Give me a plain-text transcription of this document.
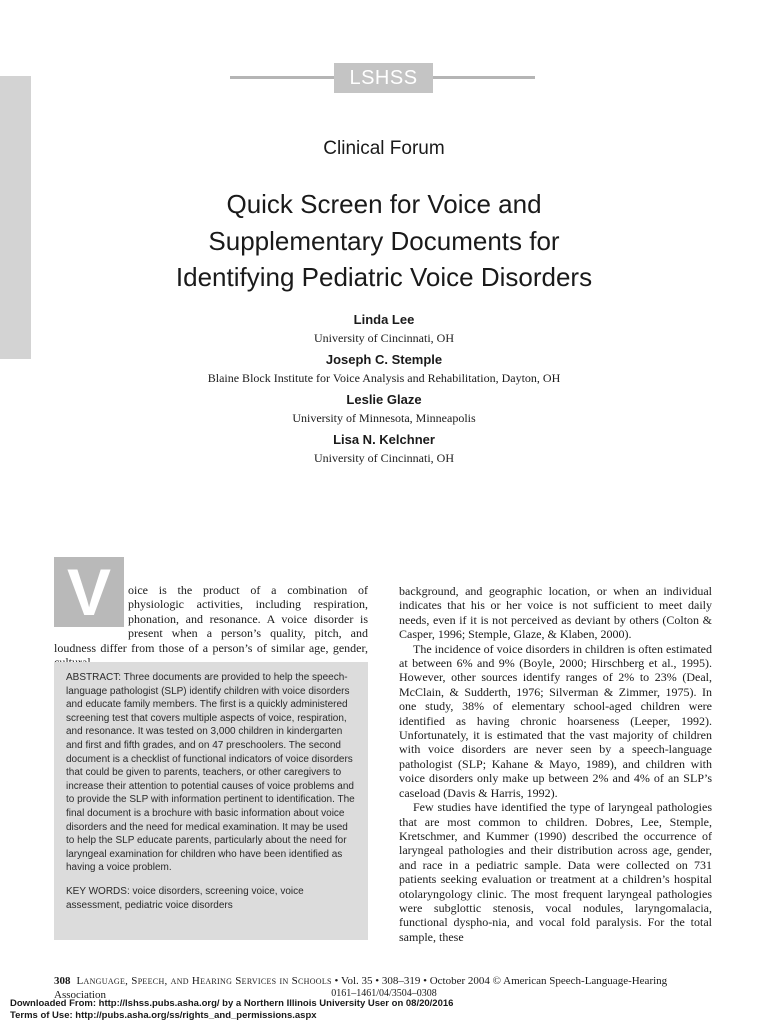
LSHSS
Clinical Forum
Quick Screen for Voice and
Supplementary Documents for
Identifying Pediatric Voice Disorders

Linda Lee

University of Cincinnati, OH

Joseph C. Stemple

Blaine Block Institute for Voice Analysis and Rehabilitation, Dayton, OH

Leslie Glaze

University of Minnesota, Minneapolis

Lisa N. Kelchner

University of Cincinnati, OH

V	oice is the product of a combination of physiologic activities, including respiration, phonation, and resonance. A voice disorder is present when a person’s quality, pitch, and loudness differ from those of a person’s of similar age, gender,

ABSTRACT: Three documents are provided to help the speech-language pathologist (SLP) identify children with voice disorders and educate family members. The first is a quickly administered screening test that covers multiple aspects of voice, respiration, and resonance. It was tested on 3,000 children in kindergarten and first and fifth grades, and on 47 preschoolers. The second document is a checklist of functional indicators of voice disorders that could be given to parents, teachers, or other caregivers to increase their attention to potential causes of voice problems and to provide the SLP with information pertinent to identification. The final document is a brochure with basic information about voice disorders and the need for medical examination. It may be used to help the SLP educate parents, particularly about the need for laryngeal examination for children who have been identified as having a voice problem.

KEY WORDS: voice disorders, screening voice, voice assessment, pediatric voice disorders

background, and geographic location, or when an individual indicates that his or her voice is not sufficient to meet daily needs, even if it is not perceived as deviant by others (Colton & Casper, 1996; Stemple, Glaze, & Klaben, 2000).

The incidence of voice disorders in children is often estimated at between 6% and 9% (Boyle, 2000; Hirschberg et al., 1995). However, other sources identify ranges of 2% to 23% (Deal, McClain, & Sudderth, 1976; Silverman & Zimmer, 1975). In one study, 38% of elementary school-aged children were identified as having chronic hoarseness (Leeper, 1992). Unfortunately, it is estimated that the vast majority of children with voice disorders are never seen by a speech-language pathologist (SLP; Kahane & Mayo, 1989), and children with voice disorders only make up between 2% and 4% of an SLP’s caseload (Davis & Harris, 1992).

Few studies have identified the type of laryngeal pathologies that are most common to children. Dobres, Lee, Stemple, Kretschmer, and Kummer (1990) described the occurrence of laryngeal pathologies and their distribution across age, gender, and race in a pediatric sample. Data were collected on 731 patients seeking evaluation or treatment at a children’s hospital otolaryngology clinic. The most frequent laryngeal pathologies were subglottic stenosis, vocal nodules, laryngomalacia, functional dyspho-nia, and vocal fold paralysis. For the total sample, these

308 Language, Speech, and Hearing Services in Schools • Vol. 35 • 308–319 • October 2004 © American Speech-Language-Hearing Association	0161–1461/04/3504–0308
Downloaded From: http://lshss.pubs.asha.org/ by a Northern Illinois University User on 08/20/2016
Terms of Use: http://pubs.asha.org/ss/rights_and_permissions.aspx
